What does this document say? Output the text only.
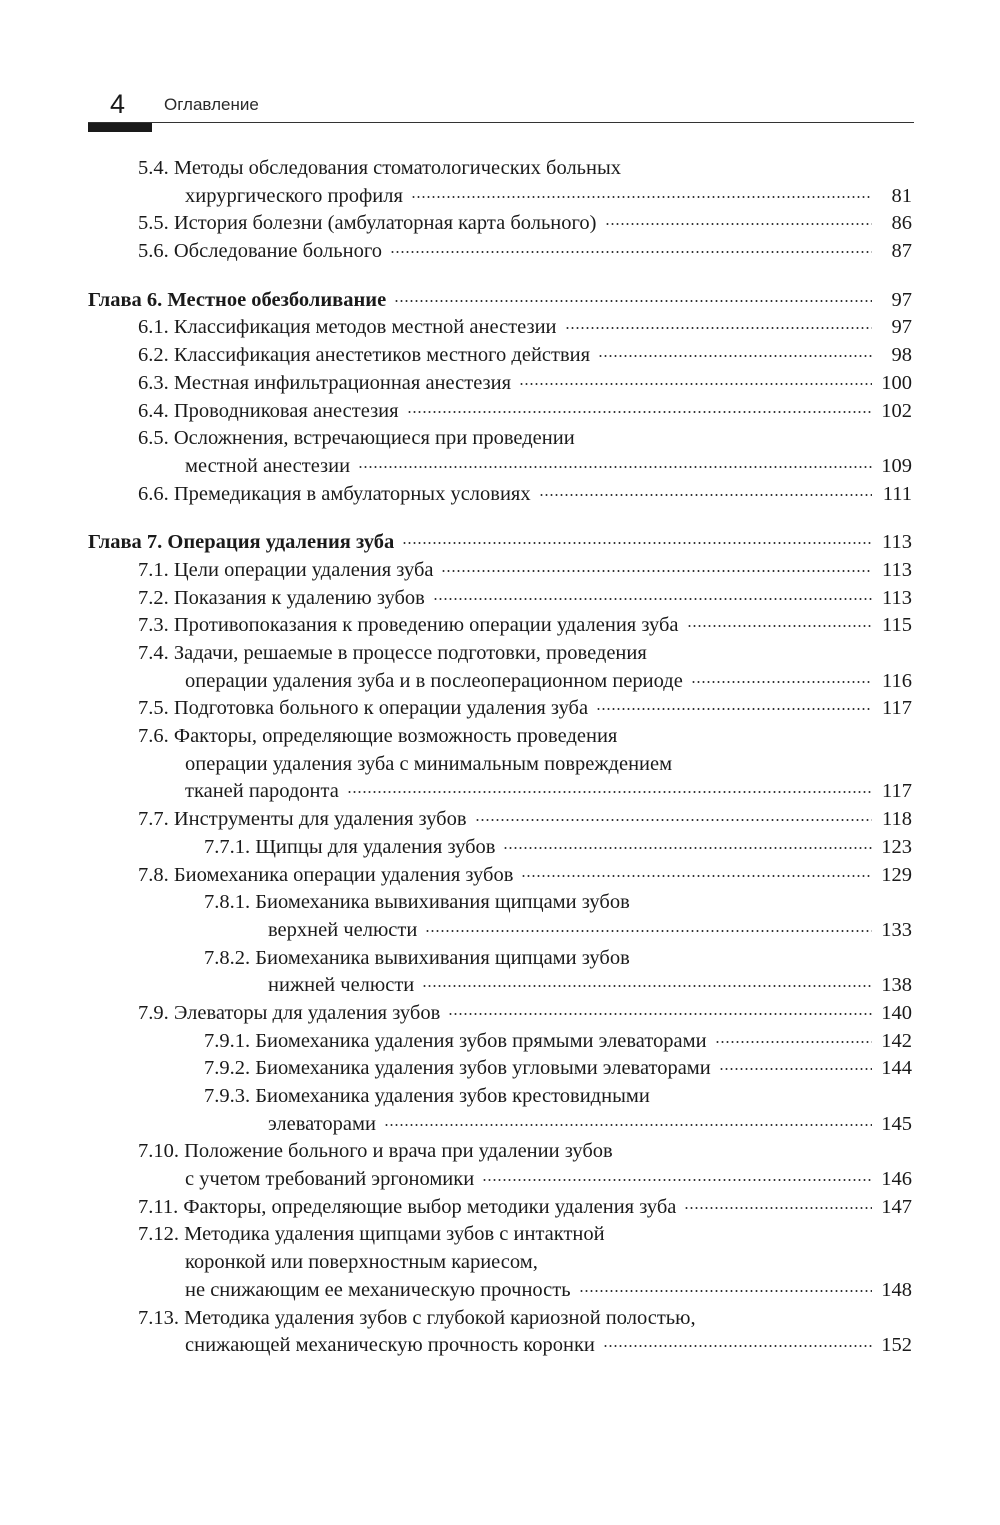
4 Оглавление
5.4. Методы обследования стоматологических больных
хирургического профиля	81
5.5. История болезни (амбулаторная карта больного)	86
5.6. Обследование больного	87
Глава 6. Местное обезболивание	97
6.1. Классификация методов местной анестезии	97
6.2. Классификация анестетиков местного действия	98
6.3. Местная инфильтрационная анестезия	100
6.4. Проводниковая анестезия	102
6.5. Осложнения, встречающиеся при проведении
местной анестезии	109
6.6. Премедикация в амбулаторных условиях	111
Глава 7. Операция удаления зуба	113
7.1. Цели операции удаления зуба	113
7.2. Показания к удалению зубов	113
7.3. Противопоказания к проведению операции удаления зуба	115
7.4. Задачи, решаемые в процессе подготовки, проведения
операции удаления зуба и в послеоперационном периоде	116
7.5. Подготовка больного к операции удаления зуба	117
7.6. Факторы, определяющие возможность проведения
операции удаления зуба с минимальным повреждением
тканей пародонта	117
7.7. Инструменты для удаления зубов	118
7.7.1. Щипцы для удаления зубов	123
7.8. Биомеханика операции удаления зубов	129
7.8.1. Биомеханика вывихивания щипцами зубов
верхней челюсти	133
7.8.2. Биомеханика вывихивания щипцами зубов
нижней челюсти	138
7.9. Элеваторы для удаления зубов	140
7.9.1. Биомеханика удаления зубов прямыми элеваторами	142
7.9.2. Биомеханика удаления зубов угловыми элеваторами	144
7.9.3. Биомеханика удаления зубов крестовидными
элеваторами	145
7.10. Положение больного и врача при удалении зубов
с учетом требований эргономики	146
7.11. Факторы, определяющие выбор методики удаления зуба	147
7.12. Методика удаления щипцами зубов с интактной
коронкой или поверхностным кариесом,
не снижающим ее механическую прочность	148
7.13. Методика удаления зубов с глубокой кариозной полостью,
снижающей механическую прочность коронки	152
